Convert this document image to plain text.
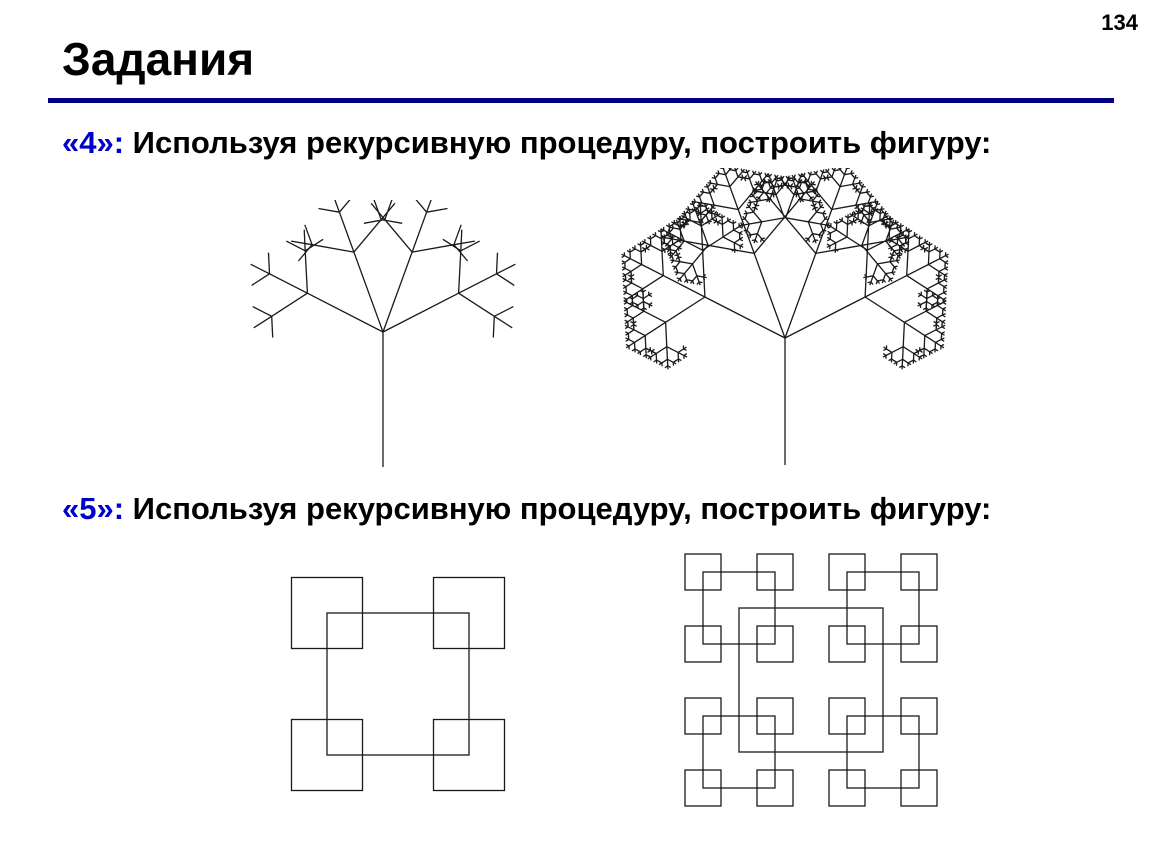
134
Задания
«4»: Используя рекурсивную процедуру, построить фигуру:
«5»: Используя рекурсивную процедуру, построить фигуру:
